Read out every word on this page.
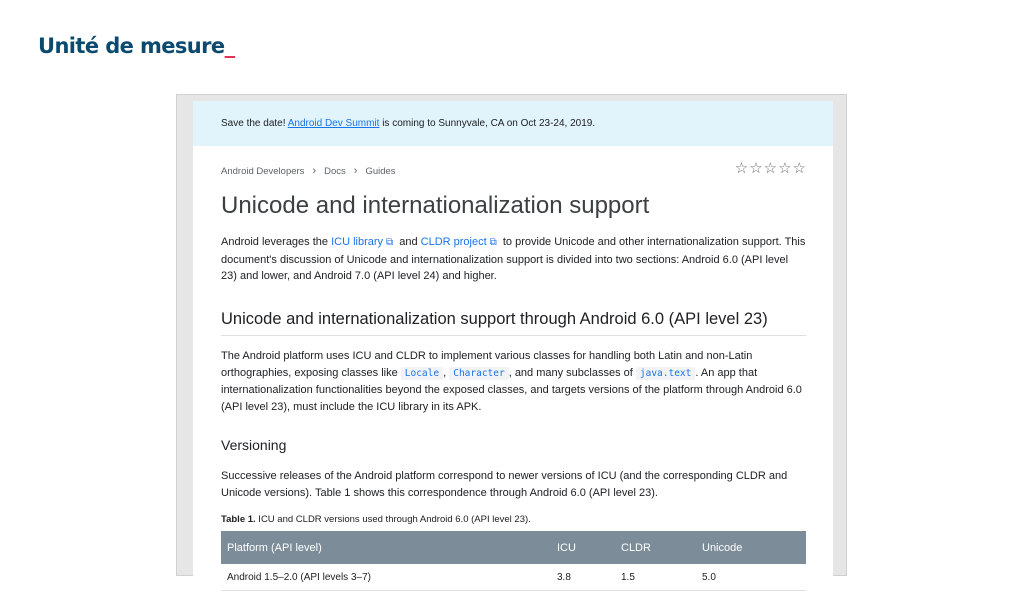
Unité de mesure_
Save the date! Android Dev Summit is coming to Sunnyvale, CA on Oct 23-24, 2019.
Android Developers › Docs › Guides	☆ ☆ ☆ ☆ ☆
Unicode and internationalization support

Android leverages the ICU library ⧉ and CLDR project ⧉ to provide Unicode and other internationalization support. This document's discussion of Unicode and internationalization support is divided into two sections: Android 6.0 (API level 23) and lower, and Android 7.0 (API level 24) and higher.

Unicode and internationalization support through Android 6.0 (API level 23)

The Android platform uses ICU and CLDR to implement various classes for handling both Latin and non-Latin orthographies, exposing classes like Locale , Character , and many subclasses of java.text . An app that internationalization functionalities beyond the exposed classes, and targets versions of the platform through Android 6.0 (API level 23), must include the ICU library in its APK.

Versioning

Successive releases of the Android platform correspond to newer versions of ICU (and the corresponding CLDR and Unicode versions). Table 1 shows this correspondence through Android 6.0 (API level 23).

Table 1. ICU and CLDR versions used through Android 6.0 (API level 23).
Platform (API level)	ICU	CLDR	Unicode
Android 1.5–2.0 (API levels 3–7)	3.8	1.5	5.0
